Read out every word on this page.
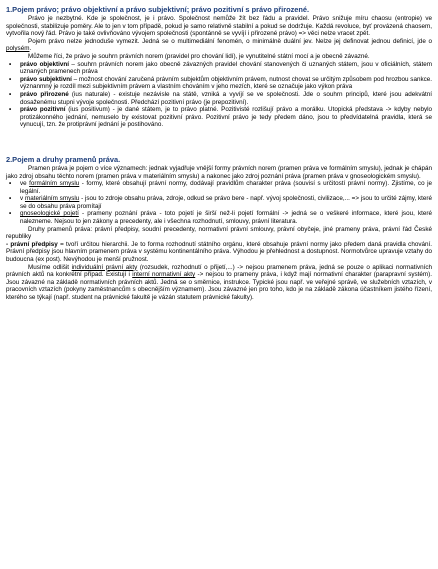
1.Pojem právo; právo objektivní a právo subjektivní; právo pozitivní s právo přirozené.

Právo je nezbytné. Kde je společnost, je i právo. Společnost nemůže žít bez řádu a pravidel. Právo snižuje míru chaosu (entropie) ve společnosti, stabilizuje poměry. Ale to jen v tom případě, pokud je samo relativně stabilní a pokud se dodržuje. Každá revoluce, byť provázená chaosem, vytvořila nový řád. Právo je také ovlivňováno vývojem společnosti (spontánně se vyvíjí i přirozené právo) => věci nelze vracet zpět.

Pojem právo nelze jednoduše vymezit. Jedná se o multimediální fenomén, o minimálně duální jev. Nelze jej definovat jednou definicí, jde o polysém.

Můžeme říci, že právo je souhrn právních norem (pravidel pro chování lidí), je vynutitelné státní mocí a je obecně závazné.

• právo objektivní – souhrn právních norem jako obecně závazných pravidel chování stanovených či uznaných státem, jsou v oficiálních, státem uznaných pramenech práva
• právo subjektivní – možnost chování zaručená právním subjektům objektivním právem, nutnost chovat se určitým způsobem pod hrozbou sankce. význanmný je rozdíl mezi subjektivním právem a vlastním chováním v jeho mezích, které se označuje jako výkon práva
• právo přirozené (ius naturale) - existuje nezávisle na státě, vzniká a vyvíjí se ve společnosti. Jde o souhrn principů, které jsou adekvátní dosaženému stupni vývoje společnosti. Předchází pozitivní právo (je prepozitivní).
• právo pozitivní (ius positivum) - je dané státem, je to právo platné. Pozitivisté rozlišují právo a morálku. Utopická představa -> kdyby nebylo protizákonného jednání, nemuselo by existovat pozitivní právo. Pozitivní právo je tedy předem dáno, jsou to předvídatelná pravidla, která se vynucují, tzn. že protiprávní jednání je postihováno.
2.Pojem a druhy pramenů práva.

Pramen práva je pojem o více významech: jednak vyjadřuje vnější formy právních norem (pramen práva ve formálním smyslu), jednak je chápán jako zdroj obsahu těchto norem (pramen práva v materiálním smyslu) a nakonec jako zdroj poznání práva (pramen práva v gnoseologickém smyslu).

• ve formálním smyslu - formy, které obsahují právní normy, dodávají pravidlům charakter práva (souvisí s určitostí právní normy). Zjistíme, co je legální.
• v materiálním smyslu - jsou to zdroje obsahu práva, zdroje, odkud se právo bere - např. vývoj společnosti, civilizace,... => jsou to určité zájmy, které se do obsahu práva promítají
• gnoseologické pojetí - prameny poznání práva - toto pojetí je širší než-li pojetí formální -> jedná se o veškeré informace, které jsou, které nalezneme. Nejsou to jen zákony a precedenty, ale i všechna rozhodnutí, smlouvy, právní literatura.

Druhy pramenů práva: právní předpisy, soudní precedenty, normativní právní smlouvy, právní obyčeje, jiné prameny práva, právní řád České republiky

- právní předpisy = tvoří určitou hierarchii. Je to forma rozhodnutí státního orgánu, které obsahuje právní normy jako předem daná pravidla chování. Právní předpisy jsou hlavním pramenem práva v systému kontinentálního práva. Výhodou je přehlednost a dostupnost. Normotvůrce upravuje vztahy do budoucna (ex post). Nevýhodou je menší pružnost.

Musíme odlišit individuální právní akty (rozsudek, rozhodnutí o přijetí,...) -> nejsou pramenem práva, jedná se pouze o aplikaci normativních právních aktů na konkrétní případ. Existují i interní normativní akty -> nejsou to prameny práva, i když mají normativní charakter (parapravní systém). Jsou závazné na základě normativních právních aktů. Jedná se o směrnice, instrukce. Typické jsou např. ve veřejné správě, ve služebních vztazích, v pracovních vztazích (pokyny zaměstnancům s obecnějším významem). Jsou závazné jen pro toho, kdo je na základě zákona účastníkem jistého řízení, kterého se týkají (např. student na právnické fakultě je vázán statutem právnické fakulty).
